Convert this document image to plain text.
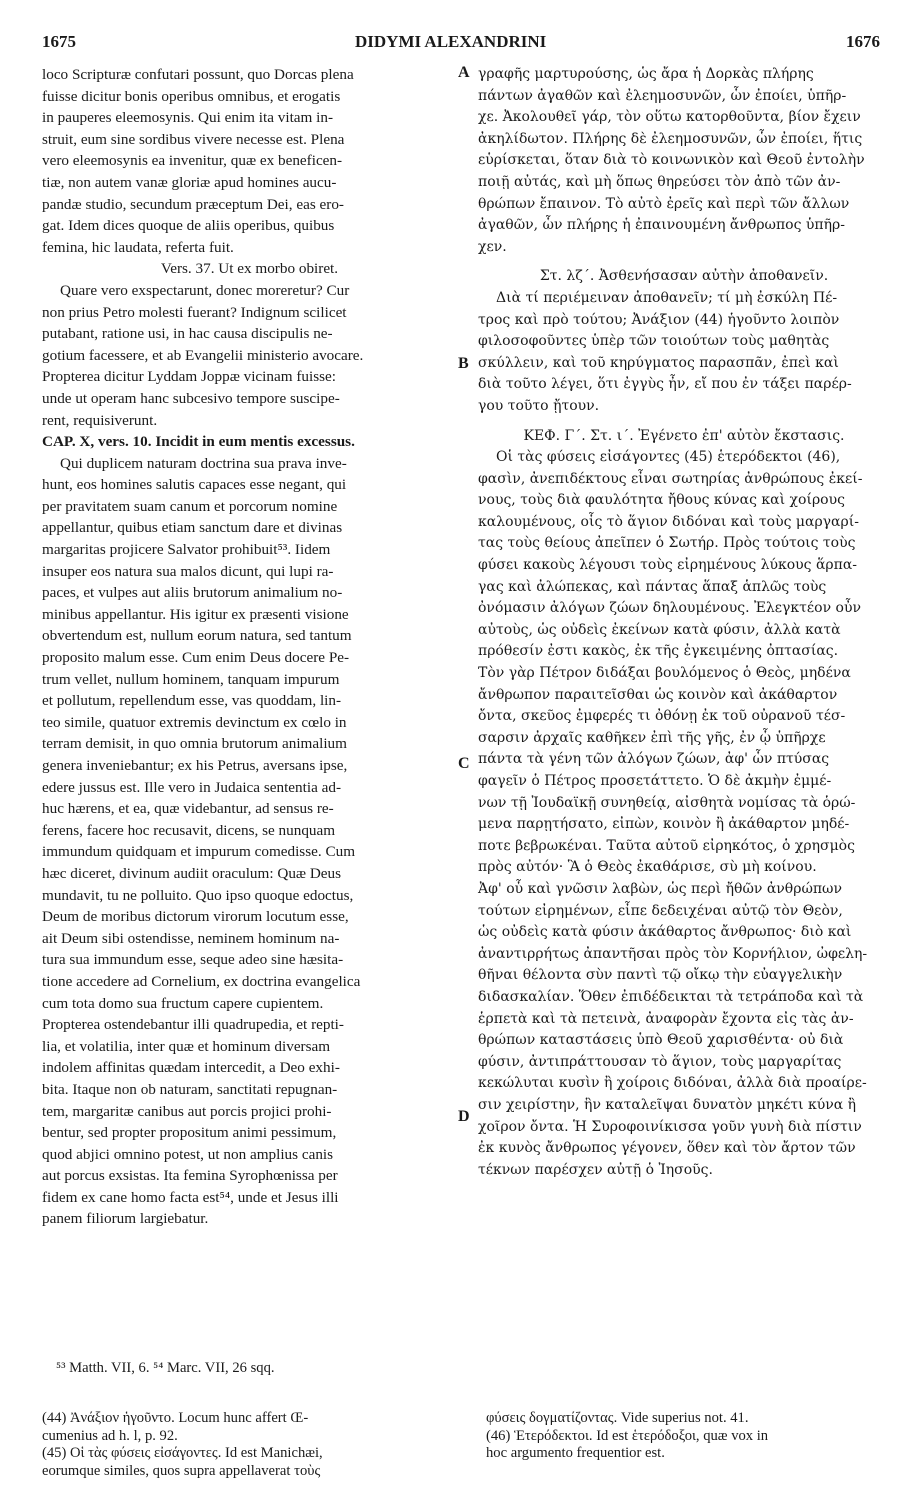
1675	DIDYMI ALEXANDRINI	1676
A
B
C
D
loco Scripturæ confutari possunt, quo Dorcas plena
fuisse dicitur bonis operibus omnibus, et erogatis
in pauperes eleemosynis. Qui enim ita vitam in-
struit, eum sine sordibus vivere necesse est. Plena
vero eleemosynis ea invenitur, quæ ex beneficen-
tiæ, non autem vanæ gloriæ apud homines aucu-
pandæ studio, secundum præceptum Dei, eas ero-
gat. Idem dices quoque de aliis operibus, quibus
femina, hic laudata, referta fuit.
Vers. 37. Ut ex morbo obiret.
Quare vero exspectarunt, donec moreretur? Cur
non prius Petro molesti fuerant? Indignum scilicet
putabant, ratione usi, in hac causa discipulis ne-
gotium facessere, et ab Evangelii ministerio avocare.
Propterea dicitur Lyddam Joppæ vicinam fuisse:
unde ut operam hanc subcesivo tempore suscipe-
rent, requisiverunt.
CAP. X, vers. 10. Incidit in eum mentis excessus.
Qui duplicem naturam doctrina sua prava inve-
hunt, eos homines salutis capaces esse negant, qui
per pravitatem suam canum et porcorum nomine
appellantur, quibus etiam sanctum dare et divinas
margaritas projicere Salvator prohibuit⁵³. Iidem
insuper eos natura sua malos dicunt, qui lupi ra-
paces, et vulpes aut aliis brutorum animalium no-
minibus appellantur. His igitur ex præsenti visione
obvertendum est, nullum eorum natura, sed tantum
proposito malum esse. Cum enim Deus docere Pe-
trum vellet, nullum hominem, tanquam impurum
et pollutum, repellendum esse, vas quoddam, lin-
teo simile, quatuor extremis devinctum ex cœlo in
terram demisit, in quo omnia brutorum animalium
genera inveniebantur; ex his Petrus, aversans ipse,
edere jussus est. Ille vero in Judaica sententia ad-
huc hærens, et ea, quæ videbantur, ad sensus re-
ferens, facere hoc recusavit, dicens, se nunquam
immundum quidquam et impurum comedisse. Cum
hæc diceret, divinum audiit oraculum: Quæ Deus
mundavit, tu ne polluito. Quo ipso quoque edoctus,
Deum de moribus dictorum virorum locutum esse,
ait Deum sibi ostendisse, neminem hominum na-
tura sua immundum esse, seque adeo sine hæsita-
tione accedere ad Cornelium, ex doctrina evangelica
cum tota domo sua fructum capere cupientem.
Propterea ostendebantur illi quadrupedia, et repti-
lia, et volatilia, inter quæ et hominum diversam
indolem affinitas quædam intercedit, a Deo exhi-
bita. Itaque non ob naturam, sanctitati repugnan-
tem, margaritæ canibus aut porcis projici prohi-
bentur, sed propter propositum animi pessimum,
quod abjici omnino potest, ut non amplius canis
aut porcus exsistas. Ita femina Syrophœnissa per
fidem ex cane homo facta est⁵⁴, unde et Jesus illi
panem filiorum largiebatur.
γραφῆς μαρτυρούσης, ὡς ἄρα ἡ Δορκὰς πλήρης
πάντων ἀγαθῶν καὶ ἐλεημοσυνῶν, ὧν ἐποίει, ὑπῆρ-
χε. Ἀκολουθεῖ γάρ, τὸν οὕτω κατορθοῦντα, βίον ἔχειν
ἀκηλίδωτον. Πλήρης δὲ ἐλεημοσυνῶν, ὧν ἐποίει, ἥτις
εὑρίσκεται, ὅταν διὰ τὸ κοινωνικὸν καὶ Θεοῦ ἐντολὴν
ποιῇ αὐτάς, καὶ μὴ ὅπως θηρεύσει τὸν ἀπὸ τῶν ἀν-
θρώπων ἔπαινον. Τὸ αὐτὸ ἐρεῖς καὶ περὶ τῶν ἄλλων
ἀγαθῶν, ὧν πλήρης ἡ ἐπαινουμένη ἄνθρωπος ὑπῆρ-
χεν.
Στ. λζ΄. Ἀσθενήσασαν αὐτὴν ἀποθανεῖν.
Διὰ τί περιέμειναν ἀποθανεῖν; τί μὴ ἐσκύλη Πέ-
τρος καὶ πρὸ τούτου; Ἀνάξιον (44) ἡγοῦντο λοιπὸν
φιλοσοφοῦντες ὑπὲρ τῶν τοιούτων τοὺς μαθητὰς
σκύλλειν, καὶ τοῦ κηρύγματος παρασπᾶν, ἐπεὶ καὶ
διὰ τοῦτο λέγει, ὅτι ἐγγὺς ἦν, εἴ που ἐν τάξει παρέρ-
γου τοῦτο ᾔτουν.
ΚΕΦ. Γ΄. Στ. ι΄. Ἐγένετο ἐπ' αὐτὸν ἔκστασις.
Οἱ τὰς φύσεις εἰσάγοντες (45) ἑτερόδεκτοι (46),
φασὶν, ἀνεπιδέκτους εἶναι σωτηρίας ἀνθρώπους ἐκεί-
νους, τοὺς διὰ φαυλότητα ἤθους κύνας καὶ χοίρους
καλουμένους, οἷς τὸ ἅγιον διδόναι καὶ τοὺς μαργαρί-
τας τοὺς θείους ἀπεῖπεν ὁ Σωτήρ. Πρὸς τούτοις τοὺς
φύσει κακοὺς λέγουσι τοὺς εἰρημένους λύκους ἅρπα-
γας καὶ ἀλώπεκας, καὶ πάντας ἅπαξ ἁπλῶς τοὺς
ὀνόμασιν ἀλόγων ζώων δηλουμένους. Ἐλεγκτέον οὖν
αὐτοὺς, ὡς οὐδεὶς ἐκείνων κατὰ φύσιν, ἀλλὰ κατὰ
πρόθεσίν ἐστι κακὸς, ἐκ τῆς ἐγκειμένης ὀπτασίας.
Τὸν γὰρ Πέτρον διδάξαι βουλόμενος ὁ Θεὸς, μηδένα
ἄνθρωπον παραιτεῖσθαι ὡς κοινὸν καὶ ἀκάθαρτον
ὄντα, σκεῦος ἐμφερές τι ὀθόνῃ ἐκ τοῦ οὐρανοῦ τέσ-
σαρσιν ἀρχαῖς καθῆκεν ἐπὶ τῆς γῆς, ἐν ᾧ ὑπῆρχε
πάντα τὰ γένη τῶν ἀλόγων ζώων, ἀφ' ὧν πτύσας
φαγεῖν ὁ Πέτρος προσετάττετο. Ὁ δὲ ἀκμὴν ἐμμέ-
νων τῇ Ἰουδαϊκῇ συνηθείᾳ, αἰσθητὰ νομίσας τὰ ὁρώ-
μενα παρῃτήσατο, εἰπὼν, κοινὸν ἢ ἀκάθαρτον μηδέ-
ποτε βεβρωκέναι. Ταῦτα αὐτοῦ εἰρηκότος, ὁ χρησμὸς
πρὸς αὐτόν· Ἃ ὁ Θεὸς ἐκαθάρισε, σὺ μὴ κοίνου.
Ἀφ' οὗ καὶ γνῶσιν λαβὼν, ὡς περὶ ἤθῶν ἀνθρώπων
τούτων εἰρημένων, εἶπε δεδειχέναι αὐτῷ τὸν Θεὸν,
ὡς οὐδεὶς κατὰ φύσιν ἀκάθαρτος ἄνθρωπος· διὸ καὶ
ἀναντιρρήτως ἀπαντῆσαι πρὸς τὸν Κορνήλιον, ὠφελη-
θῆναι θέλοντα σὺν παντὶ τῷ οἴκῳ τὴν εὐαγγελικὴν
διδασκαλίαν. Ὅθεν ἐπιδέδεικται τὰ τετράποδα καὶ τὰ
ἑρπετὰ καὶ τὰ πετεινὰ, ἀναφορὰν ἔχοντα εἰς τὰς ἀν-
θρώπων καταστάσεις ὑπὸ Θεοῦ χαρισθέντα· οὐ διὰ
φύσιν, ἀντιπράττουσαν τὸ ἅγιον, τοὺς μαργαρίτας
κεκώλυται κυσὶν ἢ χοίροις διδόναι, ἀλλὰ διὰ προαίρε-
σιν χειρίστην, ἣν καταλεῖψαι δυνατὸν μηκέτι κύνα ἢ
χοῖρον ὄντα. Ἡ Συροφοινίκισσα γοῦν γυνὴ διὰ πίστιν
ἐκ κυνὸς ἄνθρωπος γέγονεν, ὅθεν καὶ τὸν ἄρτον τῶν
τέκνων παρέσχεν αὐτῇ ὁ Ἰησοῦς.
⁵³ Matth. VII, 6. ⁵⁴ Marc. VII, 26 sqq.
(44) Ἀνάξιον ἡγοῦντο. Locum hunc affert Œ-
cumenius ad h. l, p. 92.
(45) Οἱ τὰς φύσεις εἰσάγοντες. Id est Manichæi,
eorumque similes, quos supra appellaverat τοὺς
φύσεις δογματίζοντας. Vide superius not. 41.
(46) Ἑτερόδεκτοι. Id est ἑτερόδοξοι, quæ vox in
hoc argumento frequentior est.
